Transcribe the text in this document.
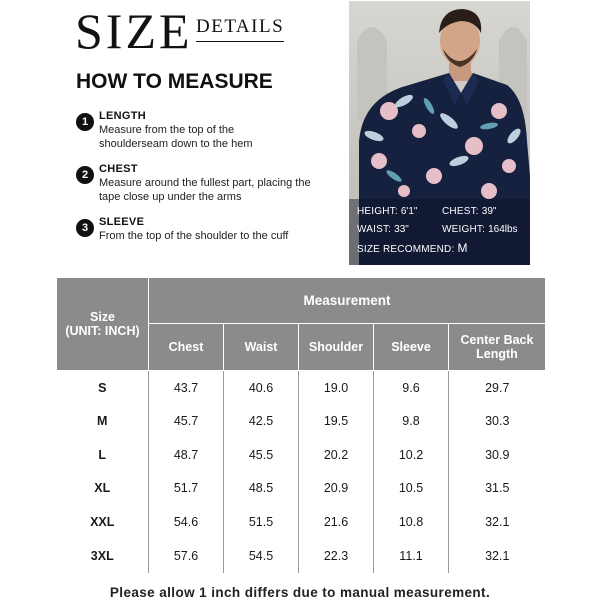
SIZE DETAILS
HOW TO MEASURE
1 LENGTH
Measure from the top of the shoulderseam down to the hem
2 CHEST
Measure around the fullest part, placing the tape close up under the arms
3 SLEEVE
From the top of the shoulder to the cuff
HEIGHT: 6'1" CHEST: 39"
WAIST: 33"	WEIGHT: 164lbs
SIZE RECOMMEND: M
Size
(UNIT: INCH)	Measurement				
	Chest	Waist	Shoulder	Sleeve	Center Back Length
S	43.7	40.6	19.0	9.6	29.7
M	45.7	42.5	19.5	9.8	30.3
L	48.7	45.5	20.2	10.2	30.9
XL	51.7	48.5	20.9	10.5	31.5
XXL	54.6	51.5	21.6	10.8	32.1
3XL	57.6	54.5	22.3	11.1	32.1
Please allow 1 inch differs due to manual measurement.
